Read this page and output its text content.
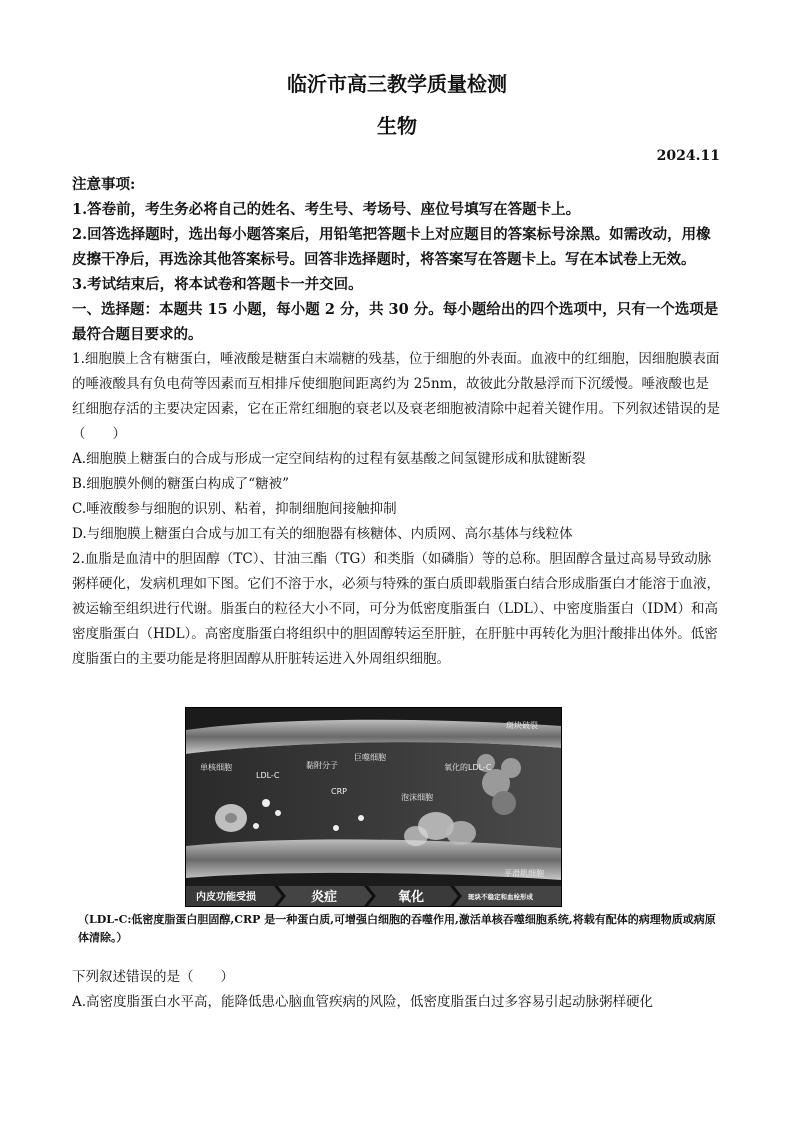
临沂市高三教学质量检测
生物
2024.11

注意事项:

1.答卷前，考生务必将自己的姓名、考生号、考场号、座位号填写在答题卡上。

2.回答选择题时，选出每小题答案后，用铅笔把答题卡上对应题目的答案标号涂黑。如需改动，用橡皮擦干净后，再选涂其他答案标号。回答非选择题时，将答案写在答题卡上。写在本试卷上无效。

3.考试结束后，将本试卷和答题卡一并交回。

一、选择题：本题共 15 小题，每小题 2 分，共 30 分。每小题给出的四个选项中，只有一个选项是最符合题目要求的。

1.细胞膜上含有糖蛋白，唾液酸是糖蛋白末端糖的残基，位于细胞的外表面。血液中的红细胞，因细胞膜表面的唾液酸具有负电荷等因素而互相排斥使细胞间距离约为 25nm，故彼此分散悬浮而下沉缓慢。唾液酸也是红细胞存活的主要决定因素，它在正常红细胞的衰老以及衰老细胞被清除中起着关键作用。下列叙述错误的是（　　）

A.细胞膜上糖蛋白的合成与形成一定空间结构的过程有氨基酸之间氢键形成和肽键断裂

B.细胞膜外侧的糖蛋白构成了“糖被”

C.唾液酸参与细胞的识别、粘着，抑制细胞间接触抑制

D.与细胞膜上糖蛋白合成与加工有关的细胞器有核糖体、内质网、高尔基体与线粒体

2.血脂是血清中的胆固醇（TC）、甘油三酯（TG）和类脂（如磷脂）等的总称。胆固醇含量过高易导致动脉粥样硬化，发病机理如下图。它们不溶于水，必须与特殊的蛋白质即载脂蛋白结合形成脂蛋白才能溶于血液，被运输至组织进行代谢。脂蛋白的粒径大小不同，可分为低密度脂蛋白（LDL）、中密度脂蛋白（IDM）和高密度脂蛋白（HDL）。高密度脂蛋白将组织中的胆固醇转运至肝脏，在肝脏中再转化为胆汁酸排出体外。低密度脂蛋白的主要功能是将胆固醇从肝脏转运进入外周组织细胞。

单核细胞
LDL-C
黏附分子
巨噬细胞
CRP
泡沫细胞
氧化的LDL-C
斑块破裂
平滑肌细胞
内皮功能受损	炎症	氧化	斑块不稳定和血栓形成
（LDL-C:低密度脂蛋白胆固醇,CRP 是一种蛋白质,可增强白细胞的吞噬作用,激活单核吞噬细胞系统,将载有配体的病理物质或病原体清除。）

下列叙述错误的是（　　）

A.高密度脂蛋白水平高，能降低患心脑血管疾病的风险，低密度脂蛋白过多容易引起动脉粥样硬化
